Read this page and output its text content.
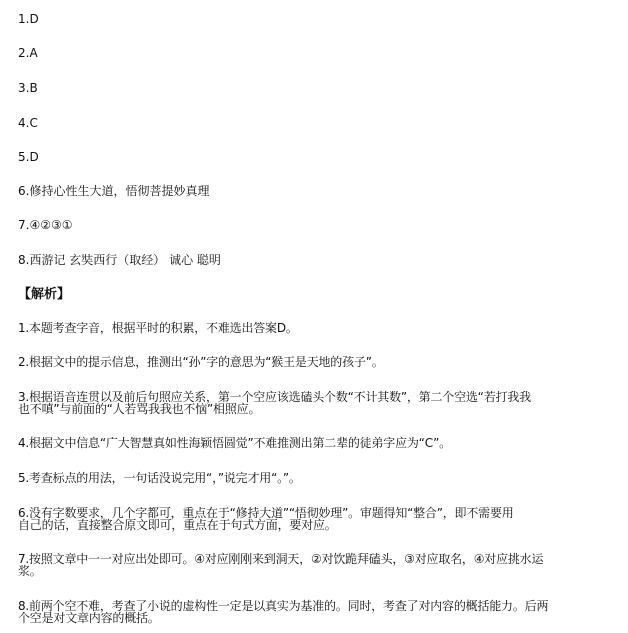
1.D
2.A
3.B
4.C
5.D
6.修持心性生大道，悟彻菩提妙真理
7.④②③①
8.西游记 玄奘西行（取经） 诚心 聪明
【解析】
1.本题考查字音，根据平时的积累，不难选出答案D。
2.根据文中的提示信息，推测出“孙”字的意思为“猴王是天地的孩子”。
3.根据语音连贯以及前后句照应关系，第一个空应该选磕头个数“不计其数”，第二个空选“若打我我
也不嗔”与前面的“人若骂我我也不恼”相照应。
4.根据文中信息“广大智慧真如性海颖悟圆觉”不难推测出第二辈的徒弟字应为“C”。
5.考查标点的用法，一句话没说完用“，”说完才用“。”。
6.没有字数要求，几个字都可，重点在于“修持大道”“悟彻妙理”。审题得知“整合”，即不需要用
自己的话，直接整合原文即可，重点在于句式方面，要对应。
7.按照文章中一一对应出处即可。④对应刚刚来到洞天，②对饮跪拜磕头，③对应取名，④对应挑水运
浆。
8.前两个空不难，考查了小说的虚构性一定是以真实为基准的。同时，考查了对内容的概括能力。后两
个空是对文章内容的概括。
